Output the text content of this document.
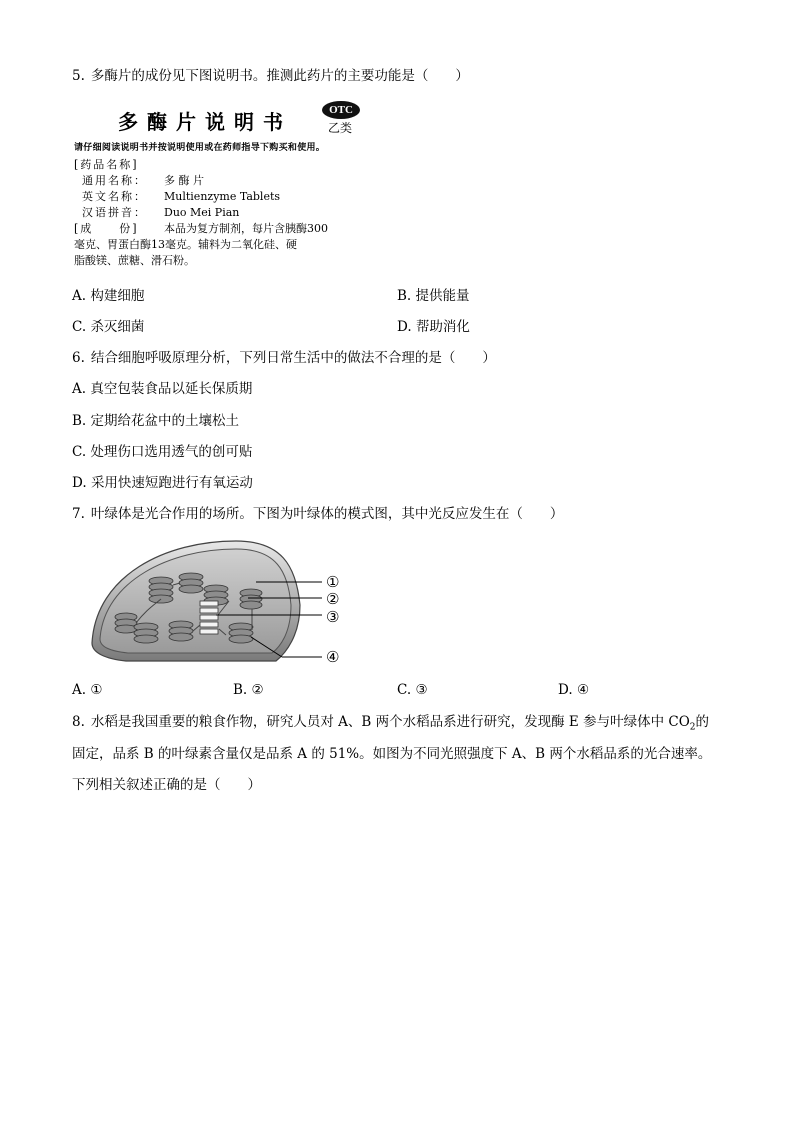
5. 多酶片的成份见下图说明书。推测此药片的主要功能是（　　）
多酶片说明书	OTC
乙类
请仔细阅读说明书并按说明使用或在药师指导下购买和使用。
[药品名称]
通用名称： 多 酶 片
英文名称： Multienzyme Tablets
汉语拼音： Duo Mei Pian
[成　　份] 本品为复方制剂，每片含胰酶300
毫克、胃蛋白酶13毫克。辅料为二氧化硅、硬
脂酸镁、蔗糖、滑石粉。
A. 构建细胞	B. 提供能量
C. 杀灭细菌	D. 帮助消化
6. 结合细胞呼吸原理分析，下列日常生活中的做法不合理的是（　　）
A. 真空包装食品以延长保质期
B. 定期给花盆中的土壤松土
C. 处理伤口选用透气的创可贴
D. 采用快速短跑进行有氧运动
7. 叶绿体是光合作用的场所。下图为叶绿体的模式图，其中光反应发生在（　　）
①
②
③
④
A. ①	B. ②	C. ③	D. ④
8. 水稻是我国重要的粮食作物，研究人员对 A、B 两个水稻品系进行研究，发现酶 E 参与叶绿体中 $CO_2$的
固定，品系 B 的叶绿素含量仅是品系 A 的 51%。如图为不同光照强度下 A、B 两个水稻品系的光合速率。
下列相关叙述正确的是（　　）
